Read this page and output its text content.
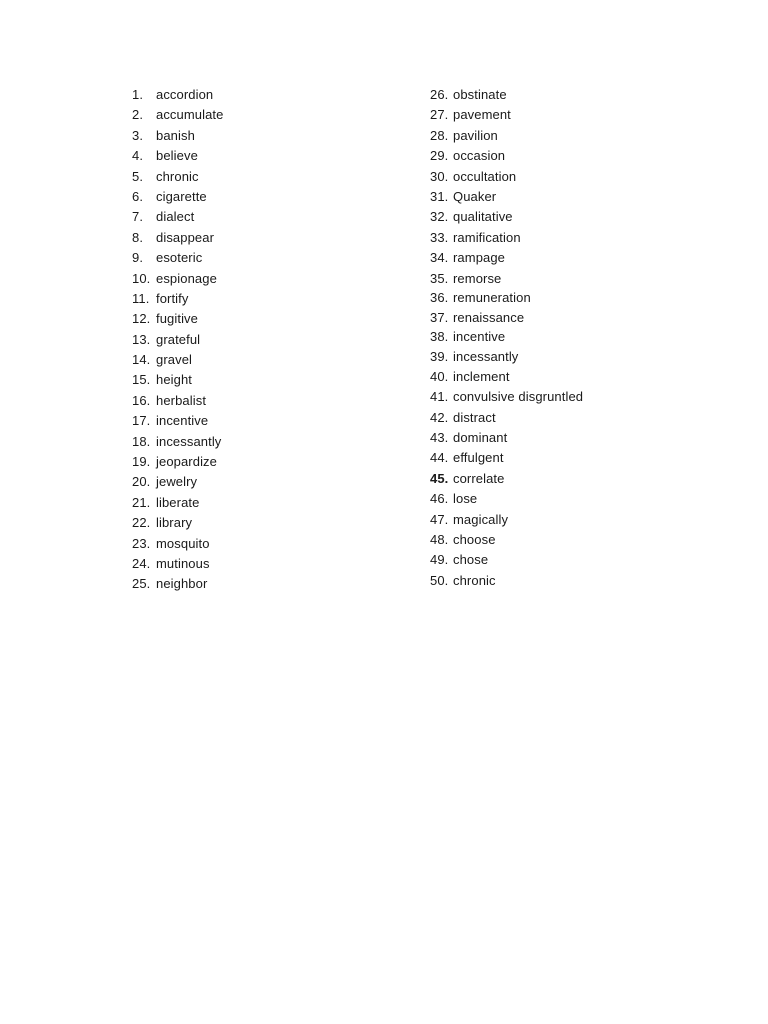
1. accordion
2. accumulate
3. banish
4. believe
5. chronic
6. cigarette
7. dialect
8. disappear
9. esoteric
10. espionage
11. fortify
12. fugitive
13. grateful
14. gravel
15. height
16. herbalist
17. incentive
18. incessantly
19. jeopardize
20. jewelry
21. liberate
22. library
23. mosquito
24. mutinous
25. neighbor
26. obstinate
27. pavement
28. pavilion
29. occasion
30. occultation
31. Quaker
32. qualitative
33. ramification
34. rampage
35. remorse
36. remuneration
37. renaissance
38. incentive
39. incessantly
40. inclement
41. convulsive disgruntled
42. distract
43. dominant
44. effulgent
45. correlate
46. lose
47. magically
48. choose
49. chose
50. chronic
